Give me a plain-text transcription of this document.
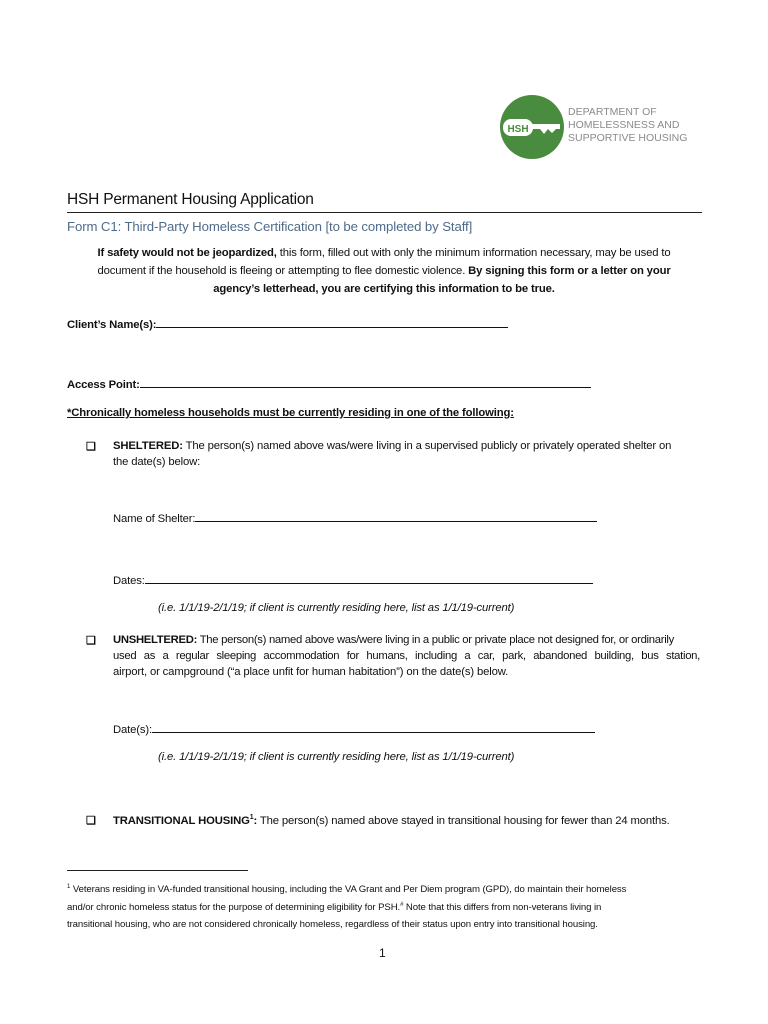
HSH
DEPARTMENT OF
HOMELESSNESS AND
SUPPORTIVE HOUSING
HSH Permanent Housing Application
Form C1: Third-Party Homeless Certification [to be completed by Staff]
If safety would not be jeopardized, this form, filled out with only the minimum information necessary, may be used to
document if the household is fleeing or attempting to flee domestic violence. By signing this form or a letter on your
agency’s letterhead, you are certifying this information to be true.
Client’s Name(s):
Access Point:
*Chronically homeless households must be currently residing in one of the following:
❏ SHELTERED: The person(s) named above was/were living in a supervised publicly or privately operated shelter on
the date(s) below:
Name of Shelter:
Dates:
(i.e. 1/1/19-2/1/19; if client is currently residing here, list as 1/1/19-current)
❏ UNSHELTERED: The person(s) named above was/were living in a public or private place not designed for, or ordinarily
used as a regular sleeping accommodation for humans, including a car, park, abandoned building, bus station,
airport, or campground (“a place unfit for human habitation”) on the date(s) below.
Date(s):
(i.e. 1/1/19-2/1/19; if client is currently residing here, list as 1/1/19-current)
❏ TRANSITIONAL HOUSING$^1$: The person(s) named above stayed in transitional housing for fewer than 24 months.
$^1$ Veterans residing in VA-funded transitional housing, including the VA Grant and Per Diem program (GPD), do maintain their homeless
and/or chronic homeless status for the purpose of determining eligibility for PSH.# Note that this differs from non-veterans living in
transitional housing, who are not considered chronically homeless, regardless of their status upon entry into transitional housing.
1
